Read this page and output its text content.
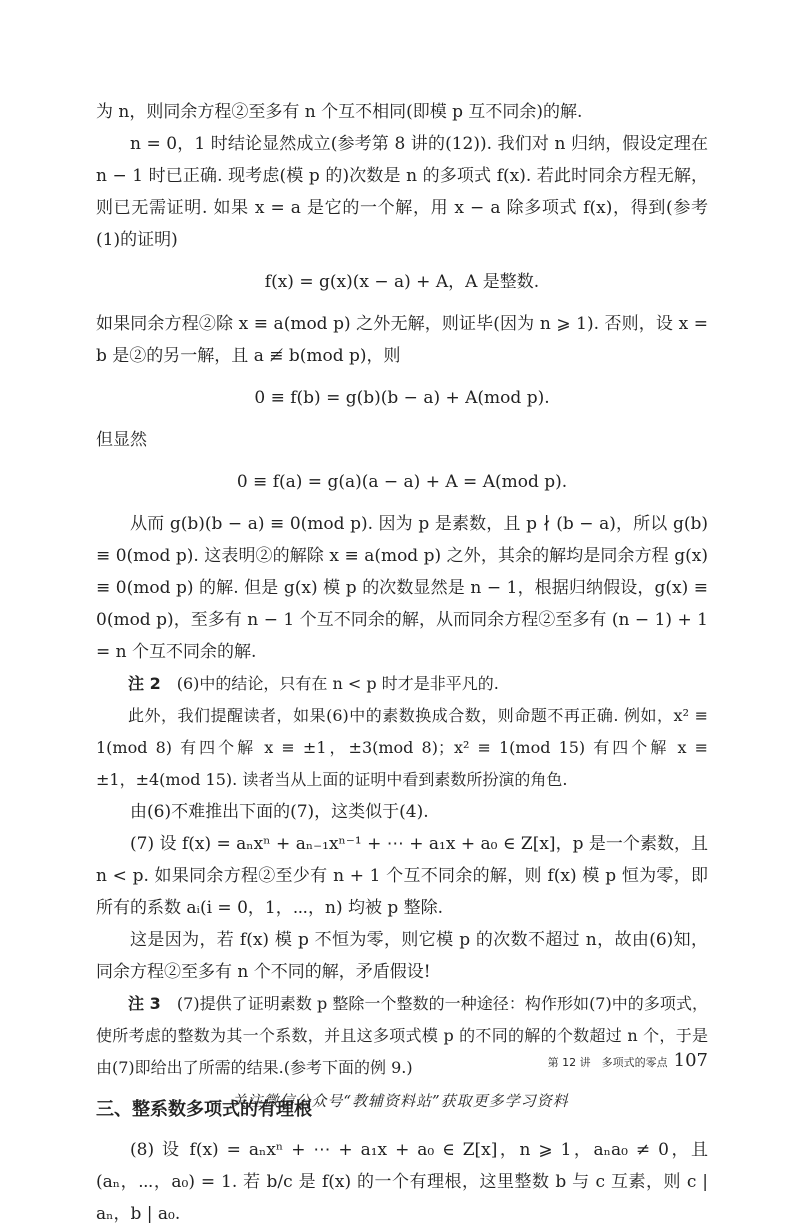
为 n，则同余方程②至多有 n 个互不相同(即模 p 互不同余)的解.

n = 0，1 时结论显然成立(参考第 8 讲的(12)). 我们对 n 归纳，假设定理在 n − 1 时已正确. 现考虑(模 p 的)次数是 n 的多项式 f(x). 若此时同余方程无解，则已无需证明. 如果 x = a 是它的一个解，用 x − a 除多项式 f(x)，得到(参考(1)的证明)

f(x) = g(x)(x − a) + A，A 是整数.

如果同余方程②除 x ≡ a(mod p) 之外无解，则证毕(因为 n ⩾ 1). 否则，设 x = b 是②的另一解，且 a ≢ b(mod p)，则

0 ≡ f(b) = g(b)(b − a) + A(mod p).

但显然

0 ≡ f(a) = g(a)(a − a) + A = A(mod p).

从而 g(b)(b − a) ≡ 0(mod p). 因为 p 是素数，且 p ∤ (b − a)，所以 g(b) ≡ 0(mod p). 这表明②的解除 x ≡ a(mod p) 之外，其余的解均是同余方程 g(x) ≡ 0(mod p) 的解. 但是 g(x) 模 p 的次数显然是 n − 1，根据归纳假设，g(x) ≡ 0(mod p)，至多有 n − 1 个互不同余的解，从而同余方程②至多有 (n − 1) + 1 = n 个互不同余的解.

注 2　 (6)中的结论，只有在 n < p 时才是非平凡的.

此外，我们提醒读者，如果(6)中的素数换成合数，则命题不再正确. 例如，x² ≡ 1(mod 8) 有四个解 x ≡ ±1，±3(mod 8)；x² ≡ 1(mod 15) 有四个解 x ≡ ±1，±4(mod 15). 读者当从上面的证明中看到素数所扮演的角色.

由(6)不难推出下面的(7)，这类似于(4).

(7) 设 f(x) = aₙxⁿ + aₙ₋₁xⁿ⁻¹ + ⋯ + a₁x + a₀ ∈ Z[x]，p 是一个素数，且 n < p. 如果同余方程②至少有 n + 1 个互不同余的解，则 f(x) 模 p 恒为零，即所有的系数 aᵢ(i = 0，1，⋯，n) 均被 p 整除.

这是因为，若 f(x) 模 p 不恒为零，则它模 p 的次数不超过 n，故由(6)知，同余方程②至多有 n 个不同的解，矛盾假设!

注 3　 (7)提供了证明素数 p 整除一个整数的一种途径：构作形如(7)中的多项式，使所考虑的整数为其一个系数，并且这多项式模 p 的不同的解的个数超过 n 个，于是由(7)即给出了所需的结果.(参考下面的例 9.)

三、整系数多项式的有理根

(8) 设 f(x) = aₙxⁿ + ⋯ + a₁x + a₀ ∈ Z[x]，n ⩾ 1，aₙa₀ ≠ 0，且 (aₙ，⋯，a₀) = 1. 若 b/c 是 f(x) 的一个有理根，这里整数 b 与 c 互素，则 c | aₙ，b | a₀.

第 12 讲　多项式的零点 107
关注微信公众号“教辅资料站”获取更多学习资料
